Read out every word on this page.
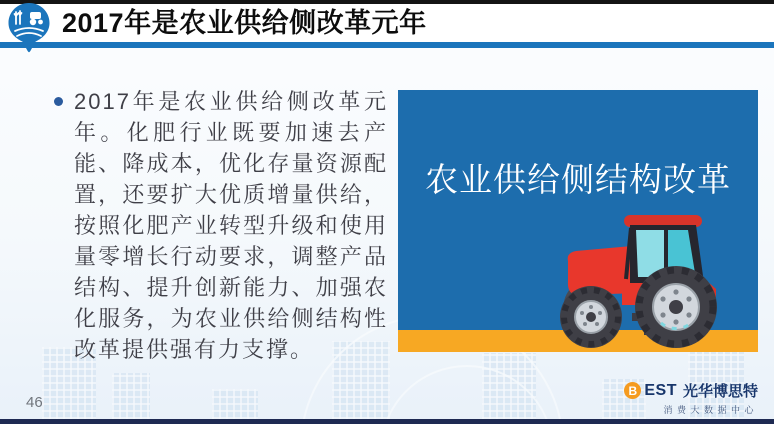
2017年是农业供给侧改革元年

2017年是农业供给侧改革元年。化肥行业既要加速去产能、降成本，优化存量资源配置，还要扩大优质增量供给，按照化肥产业转型升级和使用量零增长行动要求，调整产品结构、提升创新能力、加强农化服务，为农业供给侧结构性改革提供强有力支撑。

农业供给侧结构改革
46
B EST 光华博思特
消费大数据中心
